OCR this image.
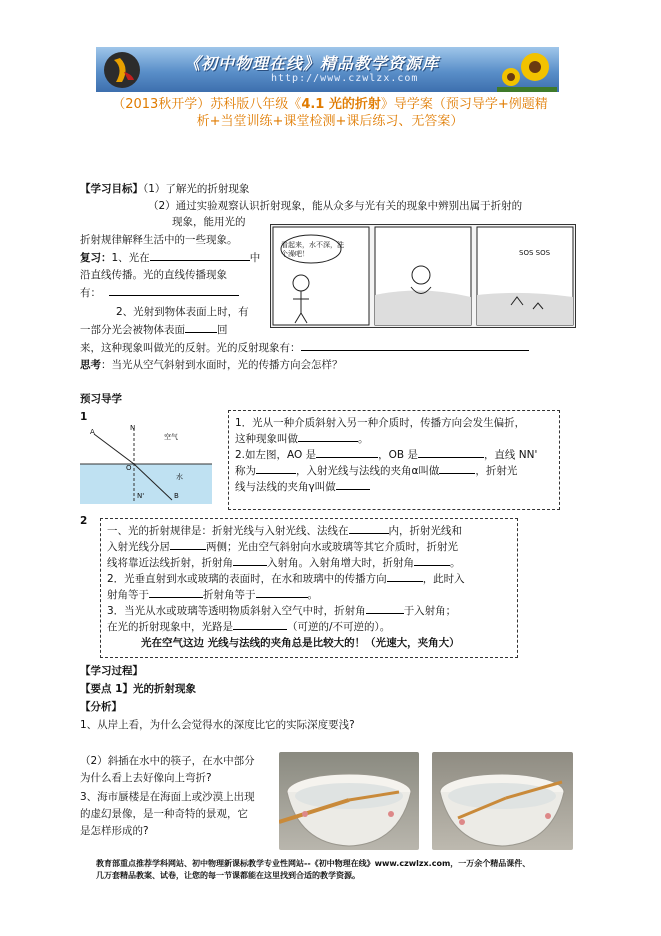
《初中物理在线》精品教学资源库
http://www.czwlzx.com
（2013秋开学）苏科版八年级《4.1 光的折射》导学案（预习导学+例题精
析+当堂训练+课堂检测+课后练习、无答案）
【学习目标】（1）了解光的折射现象
（2）通过实验观察认识折射现象，能从众多与光有关的现象中辨别出属于折射的
现象，能用光的
折射规律解释生活中的一些现象。	看起来，水不深，洗个澡吧！	SOS SOS
复习：1、光在	中
沿直线传播。光的直线传播现象
有：
2、光射到物体表面上时，有
一部分光会被物体表面	回
来，这种现象叫做光的反射。光的反射现象有：
思考：当光从空气斜射到水面时，光的传播方向会怎样？
预习导学
1
A	N
空气
O
水
N'	B
1．光从一种介质斜射入另一种介质时，传播方向会发生偏折，
这种现象叫做	。
2.如左图，AO 是	，OB 是	，直线 NN'
称为	，入射光线与法线的夹角α叫做	，折射光
线与法线的夹角γ叫做
2
一、光的折射规律是：折射光线与入射光线、法线在	内，折射光线和
入射光线分居	两侧；光由空气斜射向水或玻璃等其它介质时，折射光
线将靠近法线折射，折射角	入射角。入射角增大时，折射角	。
2．光垂直射到水或玻璃的表面时，在水和玻璃中的传播方向	，此时入
射角等于	折射角等于	。
3．当光从水或玻璃等透明物质斜射入空气中时，折射角	于入射角；
在光的折射现象中，光路是	（可逆的/不可逆的）。
光在空气这边 光线与法线的夹角总是比较大的！（光速大，夹角大）
【学习过程】
【要点 1】光的折射现象
【分析】
1、从岸上看，为什么会觉得水的深度比它的实际深度要浅?
（2）斜插在水中的筷子，在水中部分
为什么看上去好像向上弯折?
3、海市蜃楼是在海面上或沙漠上出现
的虚幻景像，是一种奇特的景观，它
是怎样形成的?
教育部重点推荐学科网站、初中物理新课标教学专业性网站--《初中物理在线》www.czwlzx.com，一万余个精品课件、
几万套精品教案、试卷，让您的每一节课都能在这里找到合适的教学资源。
